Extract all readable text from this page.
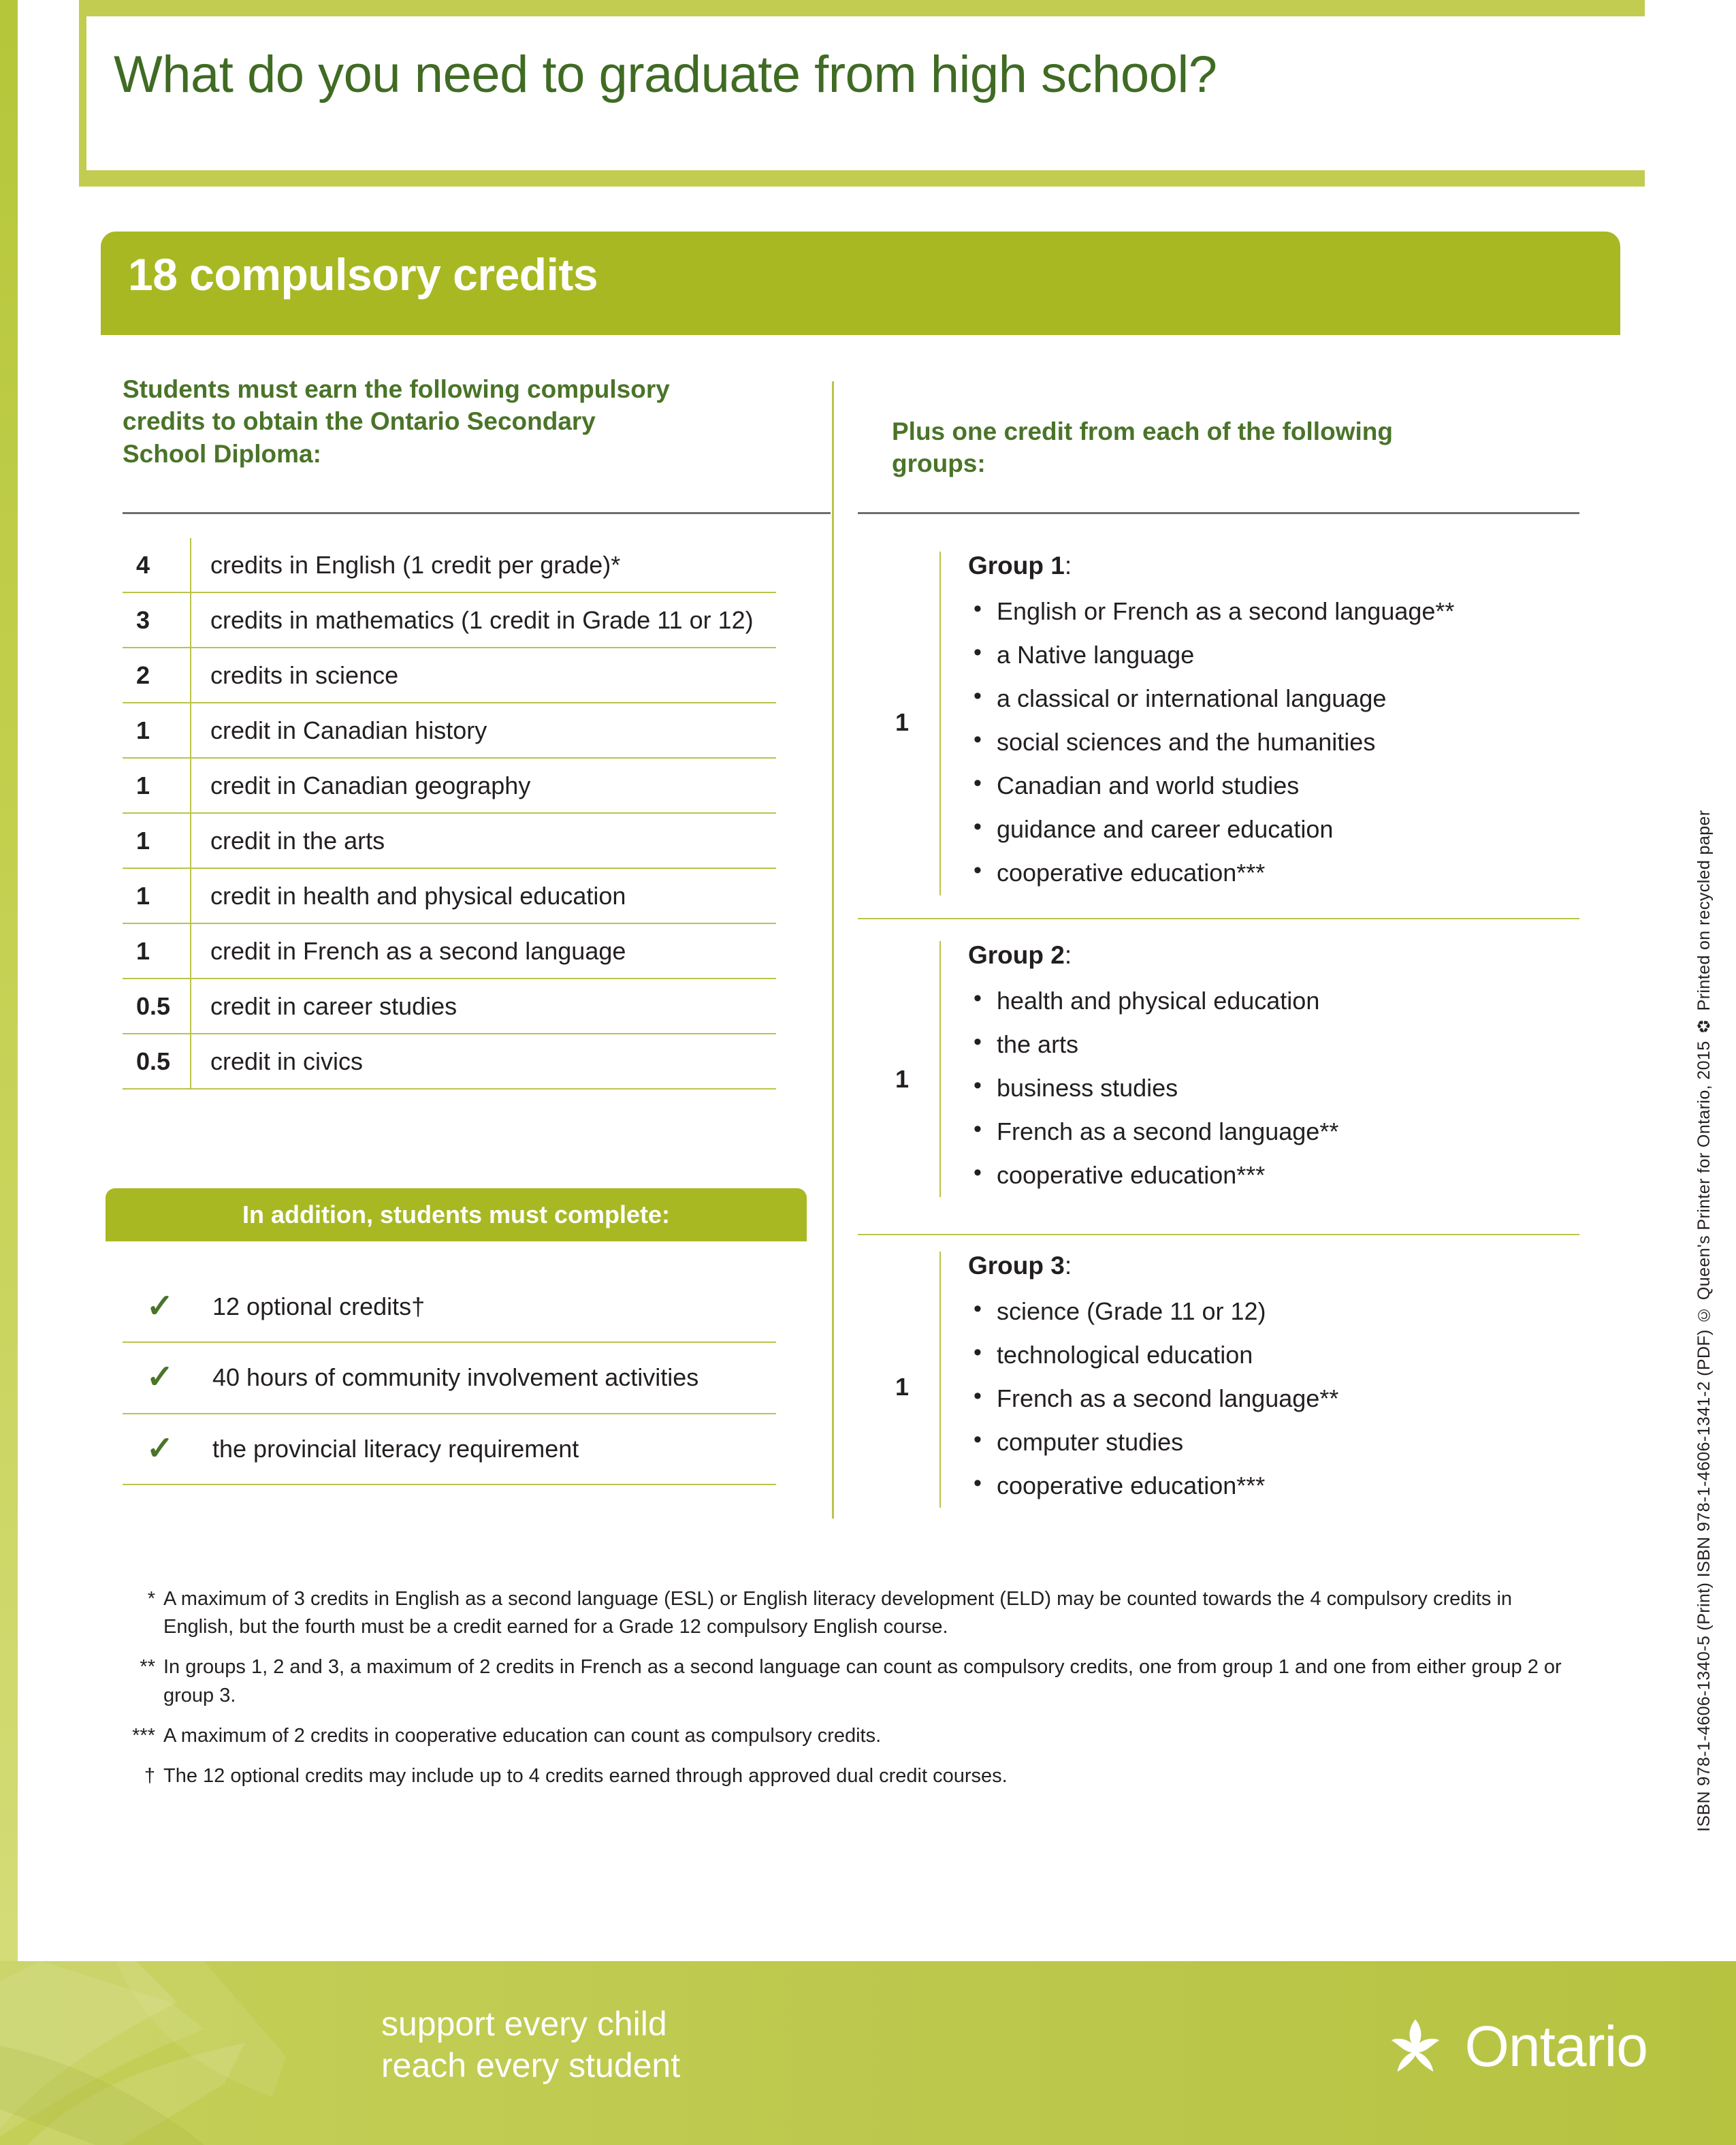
What do you need to graduate from high school?
18 compulsory credits
Students must earn the following compulsory credits to obtain the Ontario Secondary School Diploma:
Plus one credit from each of the following groups:
4	credits in English (1 credit per grade)*
3	credits in mathematics (1 credit in Grade 11 or 12)
2	credits in science
1	credit in Canadian history
1	credit in Canadian geography
1	credit in the arts
1	credit in health and physical education
1	credit in French as a second language
0.5	credit in career studies
0.5	credit in civics
In addition, students must complete:
✓	12 optional credits†
✓	40 hours of community involvement activities
✓	the provincial literacy requirement
1
Group 1:
• English or French as a second language**
• a Native language
• a classical or international language
• social sciences and the humanities
• Canadian and world studies
• guidance and career education
• cooperative education***
1
Group 2:
• health and physical education
• the arts
• business studies
• French as a second language**
• cooperative education***
1
Group 3:
• science (Grade 11 or 12)
• technological education
• French as a second language**
• computer studies
• cooperative education***
* A maximum of 3 credits in English as a second language (ESL) or English literacy development (ELD) may be counted towards the 4 compulsory credits in English, but the fourth must be a credit earned for a Grade 12 compulsory English course.
** In groups 1, 2 and 3, a maximum of 2 credits in French as a second language can count as compulsory credits, one from group 1 and one from either group 2 or group 3.
*** A maximum of 2 credits in cooperative education can count as compulsory credits.
† The 12 optional credits may include up to 4 credits earned through approved dual credit courses.	ISBN 978-1-4606-1340-5 (Print) ISBN 978-1-4606-1341-2 (PDF) © Queen's Printer for Ontario, 2015 ♻ Printed on recycled paper
support every child
reach every student	Ontario
